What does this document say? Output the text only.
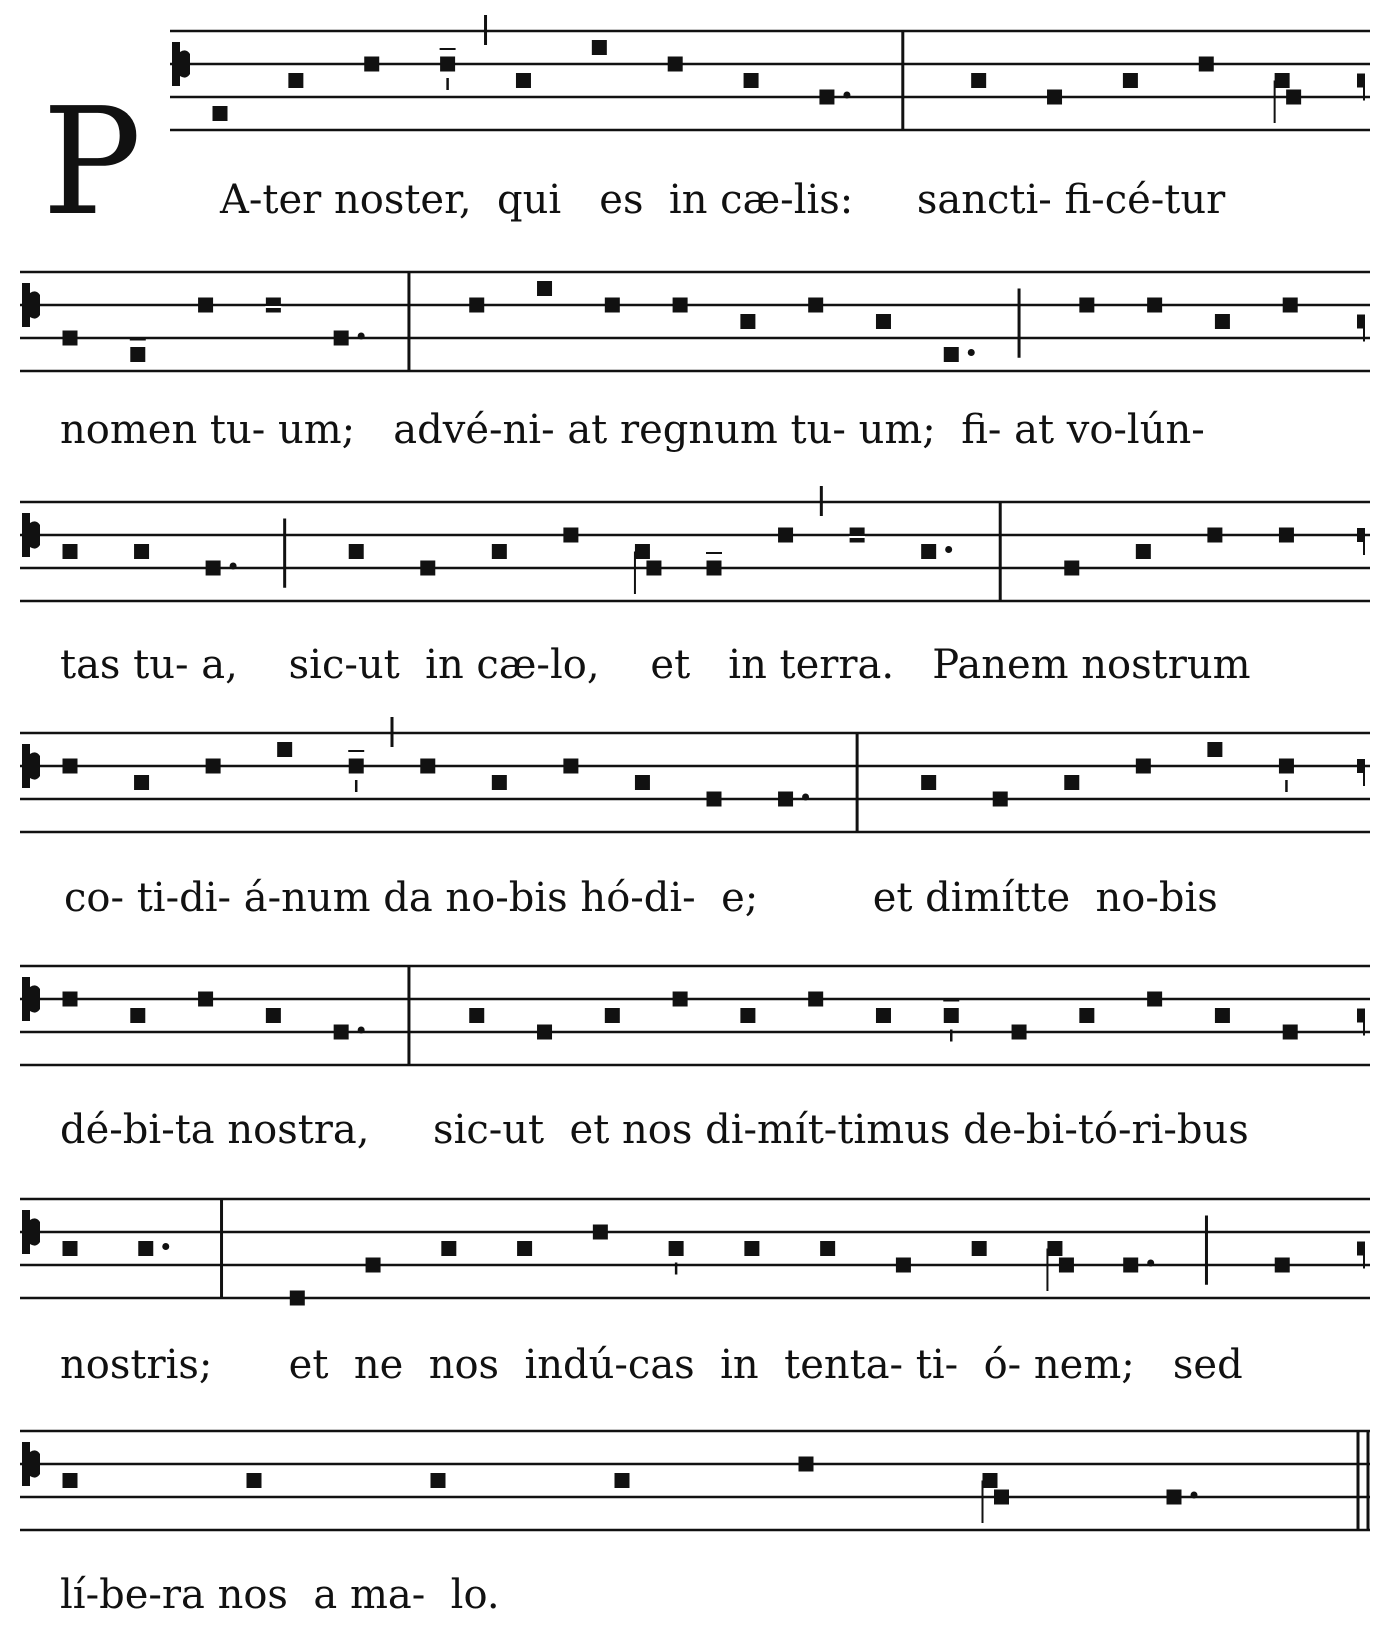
P A-ter noster,  qui   es  in cæ-lis:     sancti- fi-cé-tur
nomen tu- um;   advé-ni- at regnum tu- um;  fi- at vo-lún-
tas tu- a,    sic-ut  in cæ-lo,    et   in terra.   Panem nostrum
co- ti-di- á-num da no-bis hó-di-  e;         et dimítte  no-bis
dé-bi-ta nostra,     sic-ut  et nos di-mít-timus de-bi-tó-ri-bus
nostris;      et  ne  nos  indú-cas  in  tenta- ti-  ó- nem;   sed
lí-be-ra nos  a ma-  lo.
